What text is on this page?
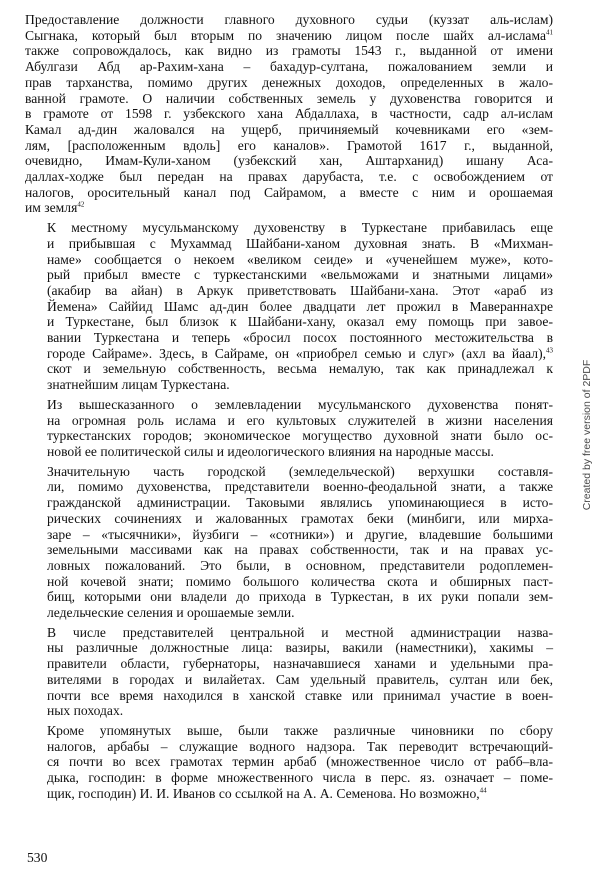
Предоставление должности главного духовного судьи (куззат аль-ислам)
Сыгнака, который был вторым по значению лицом после шайх ал-ислама$^{41}$
также сопровождалось, как видно из грамоты 1543 г., выданной от имени
Абулгази Абд ар-Рахим-хана – бахадур-султана, пожалованием земли и
прав тарханства, помимо других денежных доходов, определенных в жало-
ванной грамоте. О наличии собственных земель у духовенства говорится и
в грамоте от 1598 г. узбекского хана Абдаллаха, в частности, садр ал-ислам
Камал ад-дин жаловался на ущерб, причиняемый кочевниками его «зем-
лям, [расположенным вдоль] его каналов». Грамотой 1617 г., выданной,
очевидно, Имам-Кули-ханом (узбекский хан, Аштарханид) ишану Аса-
даллах-ходже был передан на правах дарубаста, т.е. с освобождением от
налогов, оросительный канал под Сайрамом, а вместе с ним и орошаемая
им земля$^{42}$

К местному мусульманскому духовенству в Туркестане прибавилась еще
и прибывшая с Мухаммад Шайбани-ханом духовная знать. В «Михман-
наме» сообщается о некоем «великом сеиде» и «ученейшем муже», кото-
рый прибыл вместе с туркестанскими «вельможами и знатными лицами»
(акабир ва айан) в Аркук приветствовать Шайбани-хана. Этот «араб из
Йемена» Саййид Шамс ад-дин более двадцати лет прожил в Мавераннахре
и Туркестане, был близок к Шайбани-хану, оказал ему помощь при завое-
вании Туркестана и теперь «бросил посох постоянного местожительства в
городе Сайраме». Здесь, в Сайраме, он «приобрел семью и слуг» (ахл ва йаал),$^{43}$
скот и земельную собственность, весьма немалую, так как принадлежал к
знатнейшим лицам Туркестана.

Из вышесказанного о землевладении мусульманского духовенства понят-
на огромная роль ислама и его культовых служителей в жизни населения
туркестанских городов; экономическое могущество духовной знати было ос-
новой ее политической силы и идеологического влияния на народные массы.

Значительную часть городской (земледельческой) верхушки составля-
ли, помимо духовенства, представители военно-феодальной знати, а также
гражданской администрации. Таковыми являлись упоминающиеся в исто-
рических сочинениях и жалованных грамотах беки (минбиги, или мирха-
заре – «тысячники», йузбиги – «сотники») и другие, владевшие большими
земельными массивами как на правах собственности, так и на правах ус-
ловных пожалований. Это были, в основном, представители родоплемен-
ной кочевой знати; помимо большого количества скота и обширных паст-
бищ, которыми они владели до прихода в Туркестан, в их руки попали зем-
ледельческие селения и орошаемые земли.

В числе представителей центральной и местной администрации назва-
ны различные должностные лица: вазиры, вакили (наместники), хакимы –
правители области, губернаторы, назначавшиеся ханами и удельными пра-
вителями в городах и вилайетах. Сам удельный правитель, султан или бек,
почти все время находился в ханской ставке или принимал участие в воен-
ных походах.

Кроме упомянутых выше, были также различные чиновники по сбору
налогов, арбабы – служащие водного надзора. Так переводит встречающий-
ся почти во всех грамотах термин арбаб (множественное число от рабб–вла-
дыка, господин: в форме множественного числа в перс. яз. означает – поме-
щик, господин) И. И. Иванов со ссылкой на А. А. Семенова. Но возможно,$^{44}$

530
Created by free version of 2PDF
